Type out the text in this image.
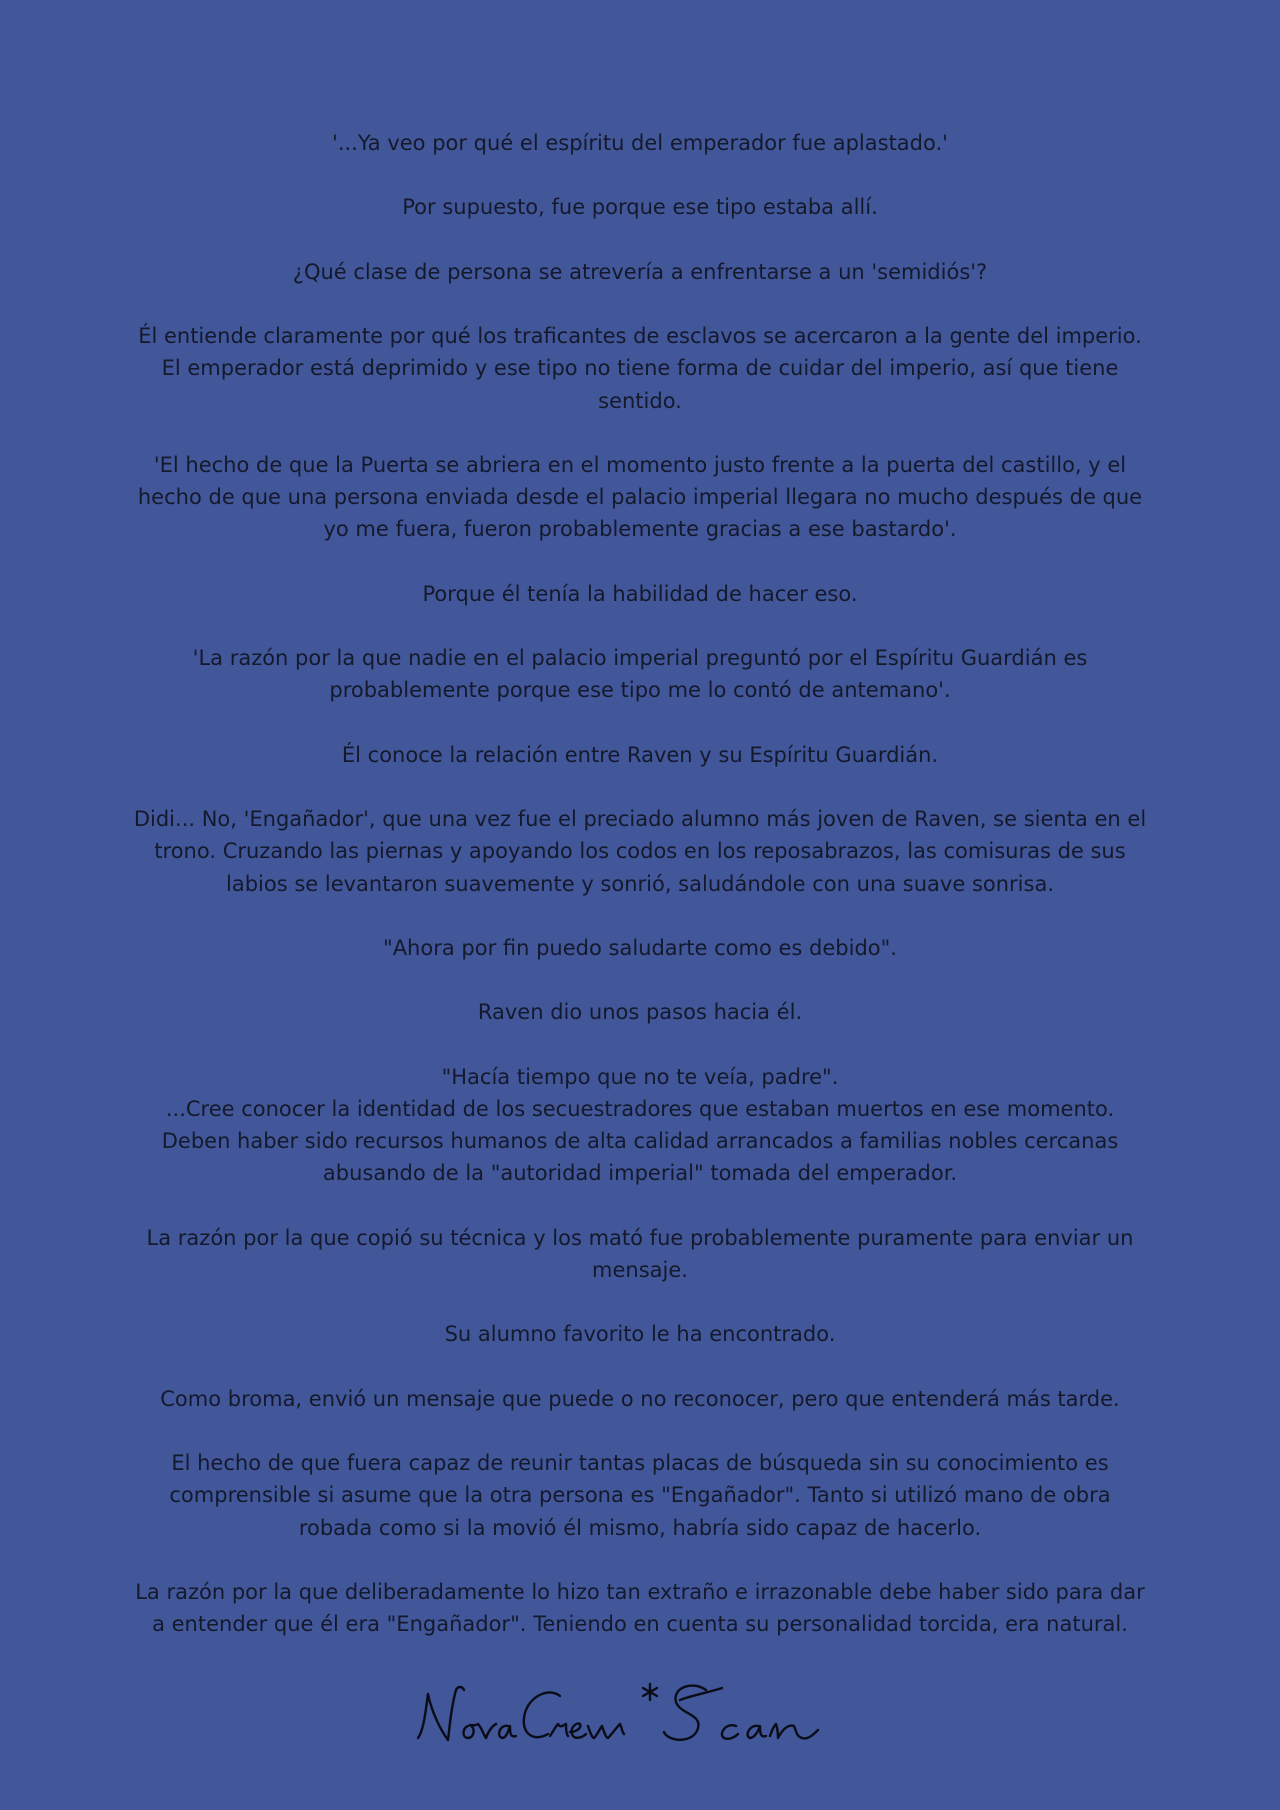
'...Ya veo por qué el espíritu del emperador fue aplastado.'

Por supuesto, fue porque ese tipo estaba allí.

¿Qué clase de persona se atrevería a enfrentarse a un 'semidiós'?

Él entiende claramente por qué los traficantes de esclavos se acercaron a la gente del imperio. El emperador está deprimido y ese tipo no tiene forma de cuidar del imperio, así que tiene sentido.

'El hecho de que la Puerta se abriera en el momento justo frente a la puerta del castillo, y el hecho de que una persona enviada desde el palacio imperial llegara no mucho después de que yo me fuera, fueron probablemente gracias a ese bastardo'.

Porque él tenía la habilidad de hacer eso.

'La razón por la que nadie en el palacio imperial preguntó por el Espíritu Guardián es probablemente porque ese tipo me lo contó de antemano'.

Él conoce la relación entre Raven y su Espíritu Guardián.

Didi... No, 'Engañador', que una vez fue el preciado alumno más joven de Raven, se sienta en el trono. Cruzando las piernas y apoyando los codos en los reposabrazos, las comisuras de sus labios se levantaron suavemente y sonrió, saludándole con una suave sonrisa.

"Ahora por fin puedo saludarte como es debido".

Raven dio unos pasos hacia él.

"Hacía tiempo que no te veía, padre".

...Cree conocer la identidad de los secuestradores que estaban muertos en ese momento. Deben haber sido recursos humanos de alta calidad arrancados a familias nobles cercanas abusando de la "autoridad imperial" tomada del emperador.

La razón por la que copió su técnica y los mató fue probablemente puramente para enviar un mensaje.

Su alumno favorito le ha encontrado.

Como broma, envió un mensaje que puede o no reconocer, pero que entenderá más tarde.

El hecho de que fuera capaz de reunir tantas placas de búsqueda sin su conocimiento es comprensible si asume que la otra persona es "Engañador". Tanto si utilizó mano de obra robada como si la movió él mismo, habría sido capaz de hacerlo.

La razón por la que deliberadamente lo hizo tan extraño e irrazonable debe haber sido para dar a entender que él era "Engañador". Teniendo en cuenta su personalidad torcida, era natural.
